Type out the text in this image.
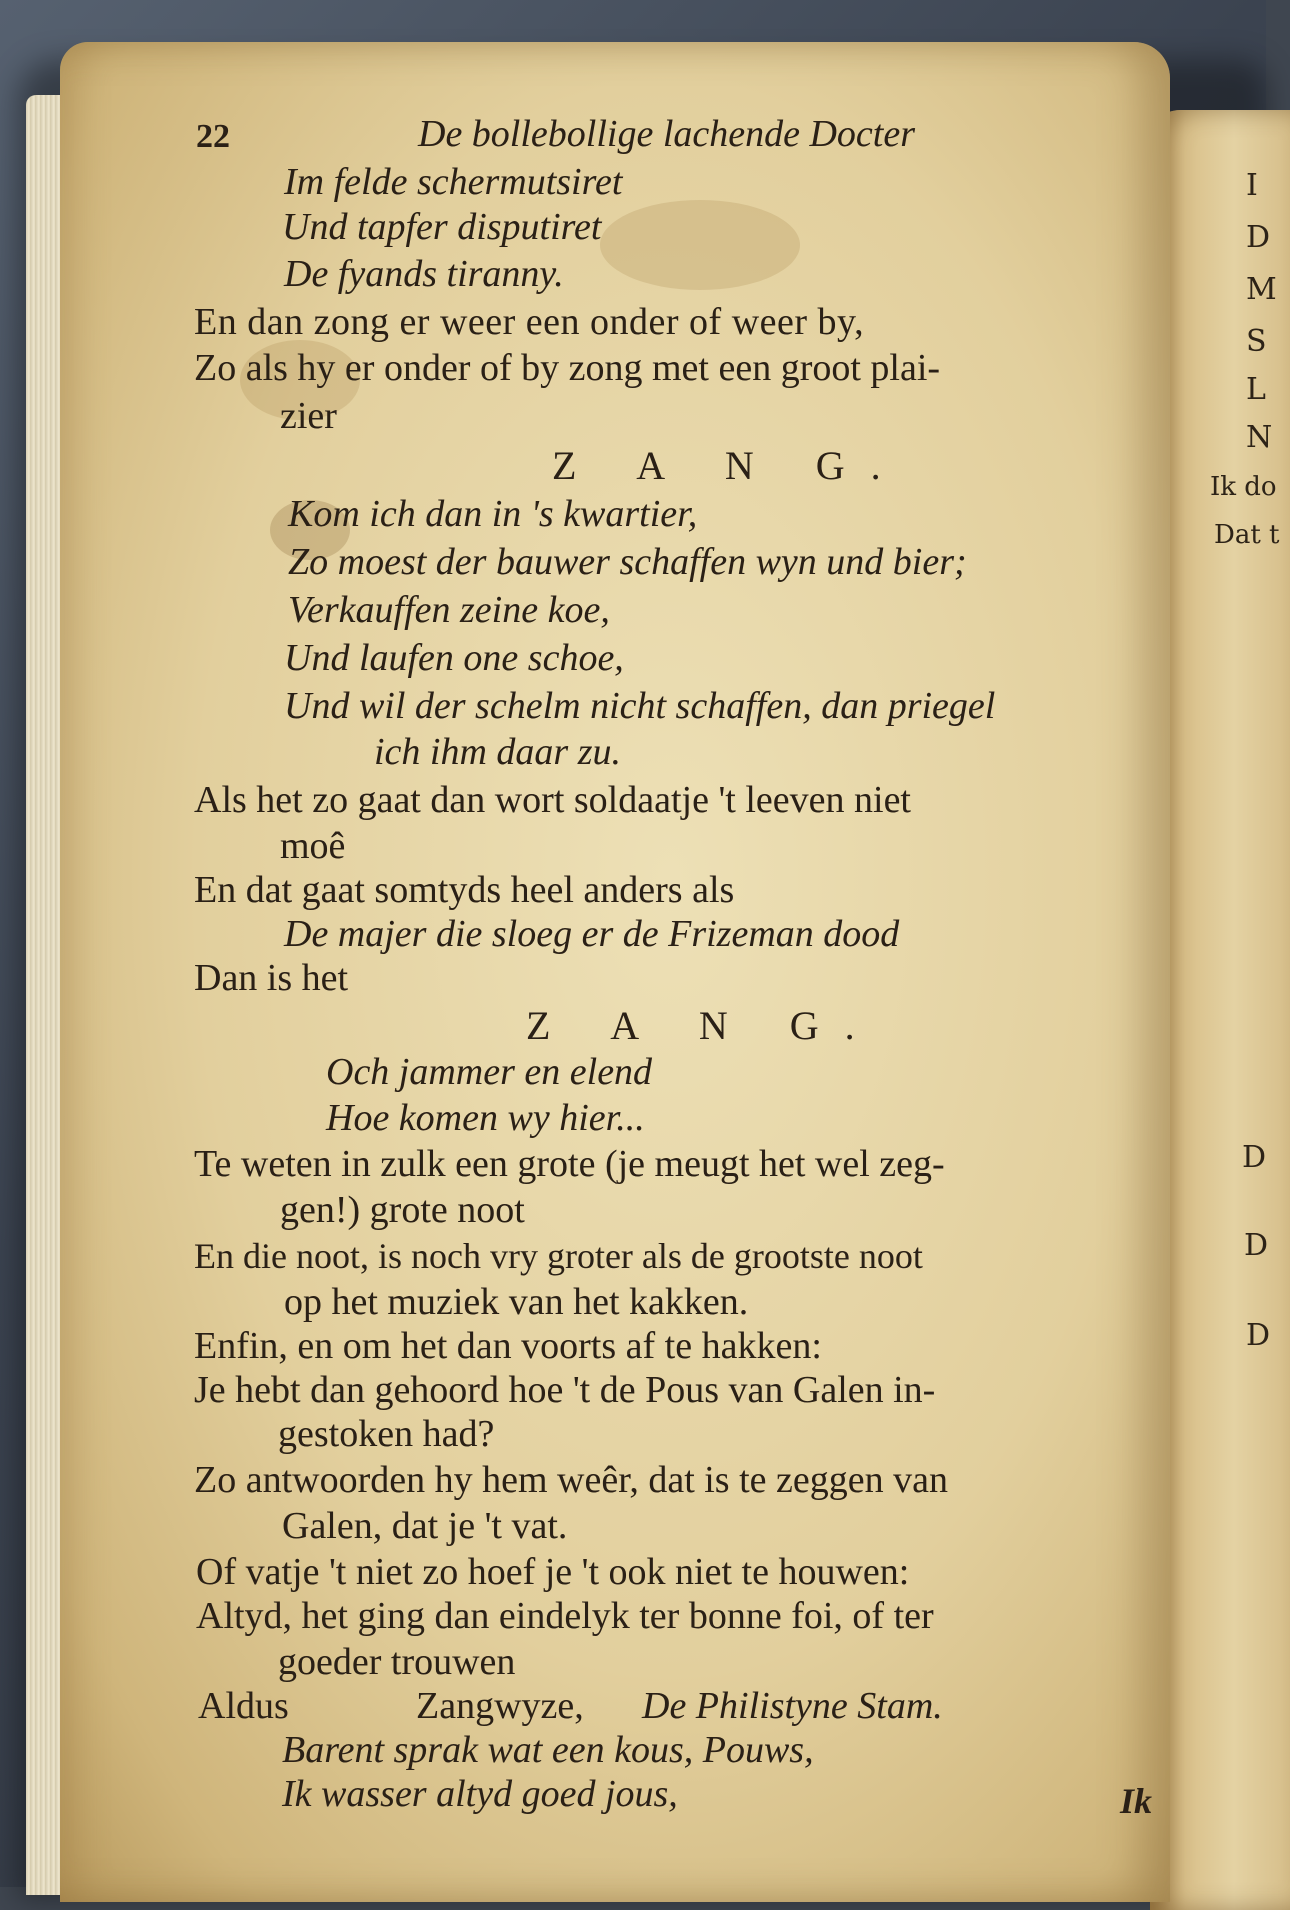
I
D
M
S
L
N
Ik do
Dat t
D
D
D
22	De bollebollige lachende Docter
Im felde schermutsiret
Und tapfer disputiret
De fyands tiranny.
En dan zong er weer een onder of weer by,
Zo als hy er onder of by zong met een groot plai-
zier
Z A N G.
Kom ich dan in 's kwartier,
Zo moest der bauwer schaffen wyn und bier;
Verkauffen zeine koe,
Und laufen one schoe,
Und wil der schelm nicht schaffen, dan priegel
ich ihm daar zu.
Als het zo gaat dan wort soldaatje 't leeven niet
moê
En dat gaat somtyds heel anders als
De majer die sloeg er de Frizeman dood
Dan is het
Z A N G.
Och jammer en elend
Hoe komen wy hier...
Te weten in zulk een grote (je meugt het wel zeg-
gen!) grote noot
En die noot, is noch vry groter als de grootste noot
op het muziek van het kakken.
Enfin, en om het dan voorts af te hakken:
Je hebt dan gehoord hoe 't de Pous van Galen in-
gestoken had?
Zo antwoorden hy hem weêr, dat is te zeggen van
Galen, dat je 't vat.
Of vatje 't niet zo hoef je 't ook niet te houwen:
Altyd, het ging dan eindelyk ter bonne foi, of ter
goeder trouwen
Aldus	Zangwyze, De Philistyne Stam.
Barent sprak wat een kous, Pouws,
Ik wasser altyd goed jous,	Ik
